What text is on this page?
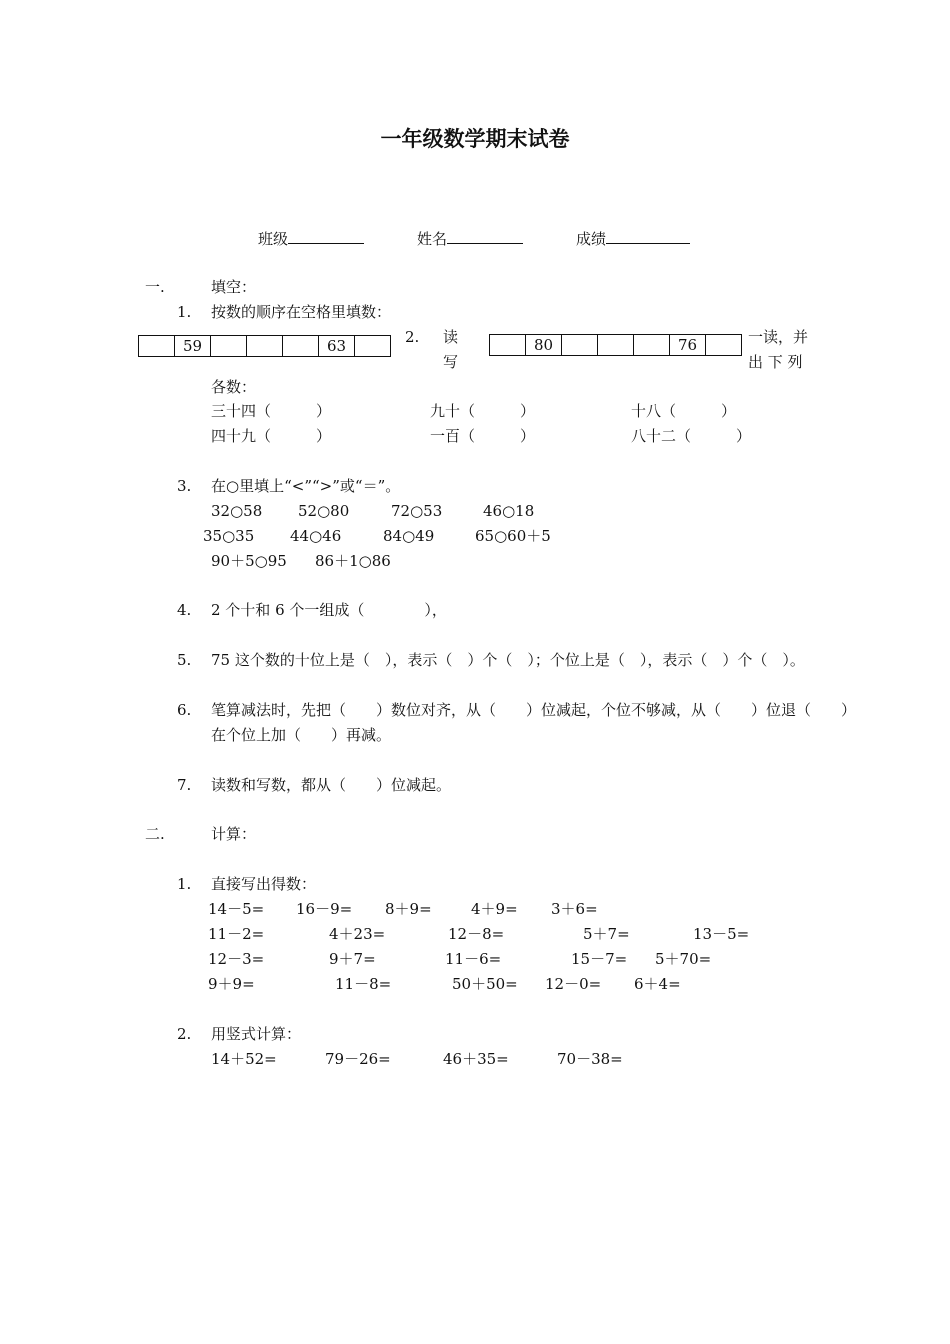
一年级数学期末试卷
班级	姓名	成绩
一.	填空：
1. 按数的顺序在空格里填数：
59	63	2. 读
写
80	76	一读，并
出 下 列
各数：
三十四（　　　）	九十（　　　）	十八（　　　）
四十九（　　　）	一百（　　　）	八十二（　　　）
3. 在○里填上“<”“>”或“＝”。
32○58 52○80	72○53	46○18
35○35 44○46	84○49	65○60＋5
90＋5○95 86＋1○86
4. 2 个十和 6 个一组成（　　　　），
5. 75 这个数的十位上是（　），表示（　）个（　）；个位上是（　），表示（　）个（　）。
6. 笔算减法时，先把（　　）数位对齐，从（　　）位减起，个位不够减，从（　　）位退（　　）
在个位上加（　　）再减。
7. 读数和写数，都从（　　）位减起。
二.	计算：
1. 直接写出得数：
14－5= 16－9= 8＋9=	4＋9= 3＋6=
11－2=	4＋23=	12－8=	5＋7=	13－5=
12－3=	9＋7=	11－6=	15－7= 5＋70=
9＋9=	11－8=	50＋50= 12－0= 6＋4=
2. 用竖式计算：
14＋52=	79－26=	46＋35=	70－38=
